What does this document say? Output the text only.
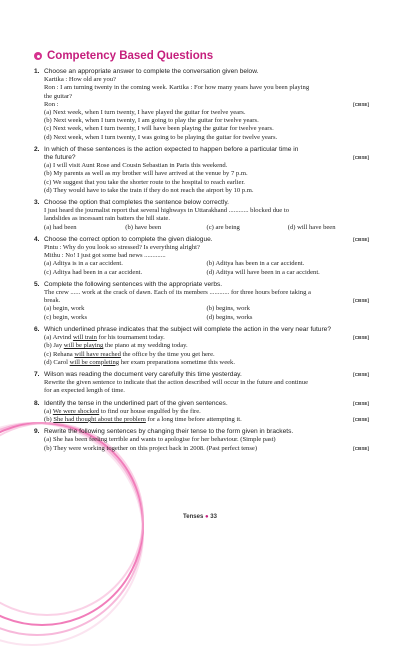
Competency Based Questions
1. Choose an appropriate answer to complete the conversation given below.
Kartika : How old are you?
Ron : I am turning twenty in the coming week. Kartika : For how many years have you been playing
the guitar?
Ron :	[CBSE]
(a) Next week, when I turn twenty, I have played the guitar for twelve years.
(b) Next week, when I turn twenty, I am going to play the guitar for twelve years.
(c) Next week, when I turn twenty, I will have been playing the guitar for twelve years.
(d) Next week, when I turn twenty, I was going to be playing the guitar for twelve years.
2. In which of these sentences is the action expected to happen before a particular time in
the future?	[CBSE]
(a) I will visit Aunt Rose and Cousin Sebastian in Paris this weekend.
(b) My parents as well as my brother will have arrived at the venue by 7 p.m.
(c) We suggest that you take the shorter route to the hospital to reach earlier.
(d) They would have to take the train if they do not reach the airport by 10 p.m.
3. Choose the option that completes the sentence below correctly.
I just heard the journalist report that several highways in Uttarakhand ............ blocked due to
landslides as incessant rain batters the hill state.
(a) had been	(b) have been	(c) are being	(d) will have been
4. Choose the correct option to complete the given dialogue.	[CBSE]
Pintu : Why do you look so stressed? Is everything alright?
Mithu : No! I just got some bad news .............
(a) Aditya is in a car accident.	(b) Aditya has been in a car accident.
(c) Aditya had been in a car accident.	(d) Aditya will have been in a car accident.
5. Complete the following sentences with the appropriate verbs.
The crew ...... work at the crack of dawn. Each of its members ............ for three hours before taking a
break.	[CBSE]
(a) begin, work	(b) begins, work
(c) begin, works	(d) begins, works
6. Which underlined phrase indicates that the subject will complete the action in the very near future?
(a) Arvind will train for his tournament today.	[CBSE]
(b) Jay will be playing the piano at my wedding today.
(c) Rehana will have reached the office by the time you get here.
(d) Carol will be completing her exam preparations sometime this week.
7. Wilson was reading the document very carefully this time yesterday.	[CBSE]
Rewrite the given sentence to indicate that the action described will occur in the future and continue
for an expected length of time.
8. Identify the tense in the underlined part of the given sentences.	[CBSE]
(a) We were shocked to find our house engulfed by the fire.
(b) She had thought about the problem for a long time before attempting it.	[CBSE]
9. Rewrite the following sentences by changing their tense to the form given in brackets.
(a) She has been feeling terrible and wants to apologise for her behaviour. (Simple past)
(b) They were working together on this project back in 2008. (Past perfect tense)	[CBSE]
Tenses ● 33
